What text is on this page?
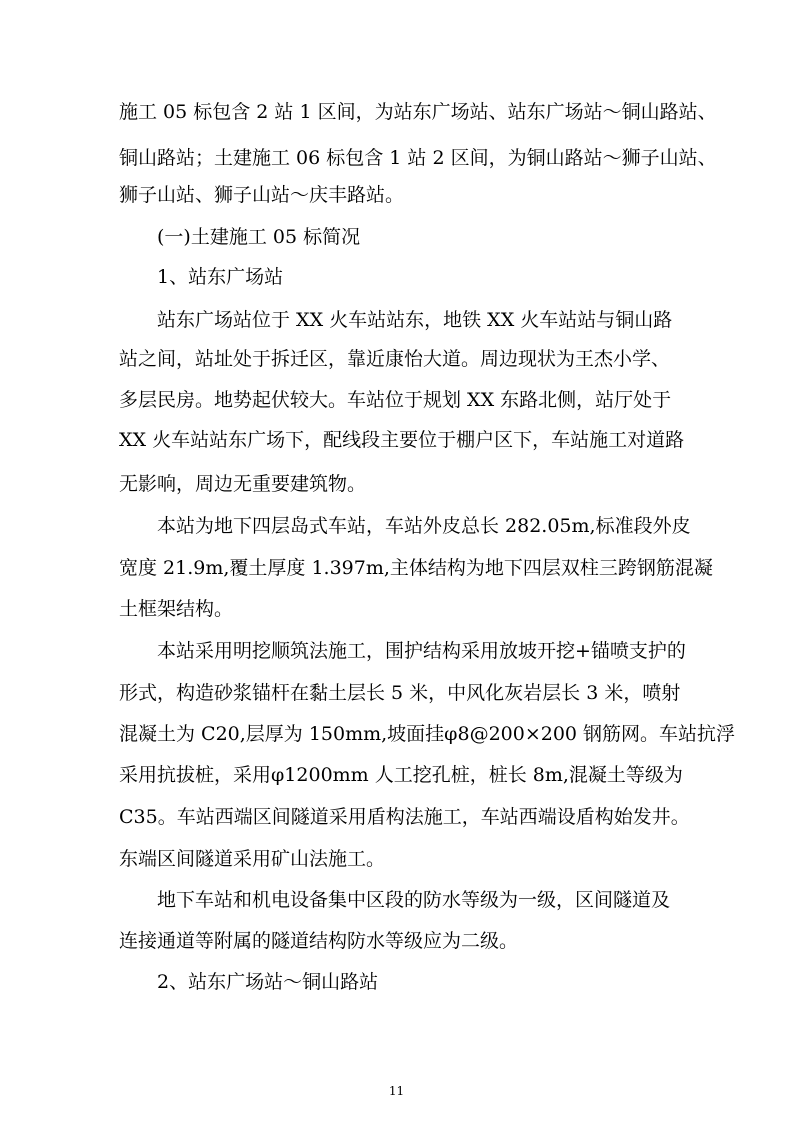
施工 05 标包含 2 站 1 区间，为站东广场站、站东广场站～铜山路站、

铜山路站；土建施工 06 标包含 1 站 2 区间，为铜山路站～狮子山站、

狮子山站、狮子山站～庆丰路站。

(一)土建施工 05 标简况

1、站东广场站

站东广场站位于 XX 火车站站东，地铁 XX 火车站站与铜山路

站之间，站址处于拆迁区，靠近康怡大道。周边现状为王杰小学、

多层民房。地势起伏较大。车站位于规划 XX 东路北侧，站厅处于

XX 火车站站东广场下，配线段主要位于棚户区下，车站施工对道路

无影响，周边无重要建筑物。

本站为地下四层岛式车站，车站外皮总长 282.05m,标准段外皮

宽度 21.9m,覆土厚度 1.397m,主体结构为地下四层双柱三跨钢筋混凝

土框架结构。

本站采用明挖顺筑法施工，围护结构采用放坡开挖+锚喷支护的

形式，构造砂浆锚杆在黏土层长 5 米，中风化灰岩层长 3 米，喷射

混凝土为 C20,层厚为 150mm,坡面挂φ8@200×200 钢筋网。车站抗浮

采用抗拔桩，采用φ1200mm 人工挖孔桩，桩长 8m,混凝土等级为

C35。车站西端区间隧道采用盾构法施工，车站西端设盾构始发井。

东端区间隧道采用矿山法施工。

地下车站和机电设备集中区段的防水等级为一级，区间隧道及

连接通道等附属的隧道结构防水等级应为二级。

2、站东广场站～铜山路站

11
